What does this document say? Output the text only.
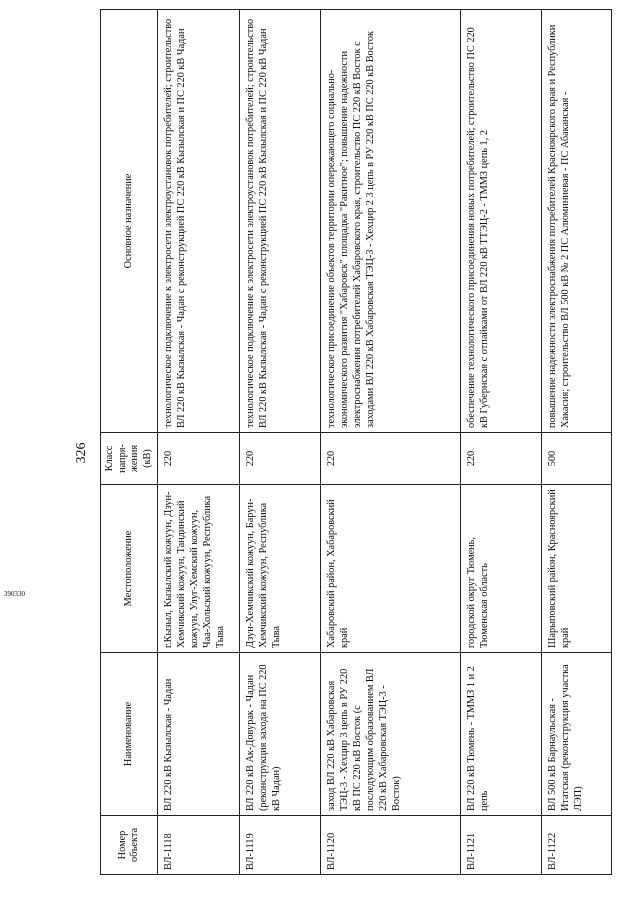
390330
326
Номер объекта	Наименование	Местоположение	Класс напря-жения (кВ)	Основное назначение
ВЛ-1118	ВЛ 220 кВ Кызылская - Чадан	г.Кызыл, Кызылский кожуун, Дзун-Хемчикский кожуун, Тандинский кожуун, Улуг-Хемский кожуун, Чаа-Хольский кожуун, Республика Тыва	220	технологическое подключение к электросети электроустановок потребителей; строительство ВЛ 220 кВ Кызылская - Чадан с реконструкцией ПС 220 кВ Кызылская и ПС 220 кВ Чадан
ВЛ-1119	ВЛ 220 кВ Ак-Довурак - Чадан (реконструкция захода на ПС 220 кВ Чадан)	Дзун-Хемчикский кожуун, Барун-Хемчикский кожуун, Республика Тыва	220	технологическое подключение к электросети электроустановок потребителей; строительство ВЛ 220 кВ Кызылская - Чадан с реконструкцией ПС 220 кВ Кызылская и ПС 220 кВ Чадан
ВЛ-1120	заход ВЛ 220 кВ Хабаровская ТЭЦ-3 - Хехцир 3 цепь в РУ 220 кВ ПС 220 кВ Восток (с последующим образованием ВЛ 220 кВ Хабаровская ТЭЦ-3 - Восток)	Хабаровский район, Хабаровский край	220	технологическое присоединение объектов территории опережающего социально-экономического развития "Хабаровск" площадка "Ракитное"; повышение надежности электроснабжения потребителей Хабаровского края, строительство ПС 220 кВ Восток с заходами ВЛ 220 кВ Хабаровская ТЭЦ-3 - Хехцир 2 3 цепь в РУ 220 кВ ПС 220 кВ Восток
ВЛ-1121	ВЛ 220 кВ Тюмень - ТММЗ 1 и 2 цепь	городской округ Тюмень, Тюменская область	220	обеспечение технологического присоединения новых потребителей; строительство ПС 220 кВ Губернская с отпайками от ВЛ 220 кВ ТТЭЦ-2 - ТММЗ цепь 1, 2
ВЛ-1122	ВЛ 500 кВ Барнаульская - Итатская (реконструкция участка ЛЭП)	Шарыповский район, Красноярский край	500	повышение надежности электроснабжения потребителей Красноярского края и Республики Хакасия; строительство ВЛ 500 кВ № 2 ПС Алюминиевая - ПС Абаканская -
